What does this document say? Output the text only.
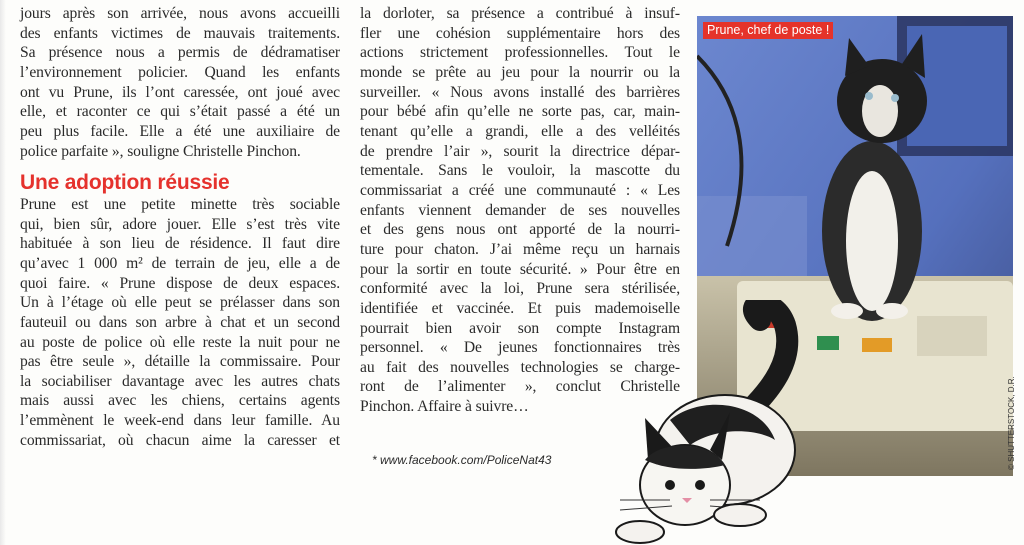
jours après son arrivée, nous avons accueilli
des enfants victimes de mauvais traitements.
Sa présence nous a permis de dédramatiser
l’environnement policier. Quand les enfants
ont vu Prune, ils l’ont caressée, ont joué avec
elle, et raconter ce qui s’était passé a été un
peu plus facile. Elle a été une auxiliaire de
police parfaite », souligne Christelle Pinchon.
Une adoption réussie
Prune est une petite minette très sociable
qui, bien sûr, adore jouer. Elle s’est très vite
habituée à son lieu de résidence. Il faut dire
qu’avec 1 000 m² de terrain de jeu, elle a de
quoi faire. « Prune dispose de deux espaces.
Un à l’étage où elle peut se prélasser dans son
fauteuil ou dans son arbre à chat et un second
au poste de police où elle reste la nuit pour ne
pas être seule », détaille la commissaire. Pour
la sociabiliser davantage avec les autres chats
mais aussi avec les chiens, certains agents
l’emmènent le week-end dans leur famille. Au
commissariat, où chacun aime la caresser et
la dorloter, sa présence a contribué à insuf-
fler une cohésion supplémentaire hors des
actions strictement professionnelles. Tout le
monde se prête au jeu pour la nourrir ou la
surveiller. « Nous avons installé des barrières
pour bébé afin qu’elle ne sorte pas, car, main-
tenant qu’elle a grandi, elle a des velléités
de prendre l’air », sourit la directrice dépar-
tementale. Sans le vouloir, la mascotte du
commissariat a créé une communauté : « Les
enfants viennent demander de ses nouvelles
et des gens nous ont apporté de la nourri-
ture pour chaton. J’ai même reçu un harnais
pour la sortir en toute sécurité. » Pour être en
conformité avec la loi, Prune sera stérilisée,
identifiée et vaccinée. Et puis mademoiselle
pourrait bien avoir son compte Instagram
personnel. « De jeunes fonctionnaires très
au fait des nouvelles technologies se charge-
ront de l’alimenter », conclut Christelle
Pinchon. Affaire à suivre…
* www.facebook.com/PoliceNat43
Prune, chef de poste !
© SHUTTERSTOCK, D.R.
